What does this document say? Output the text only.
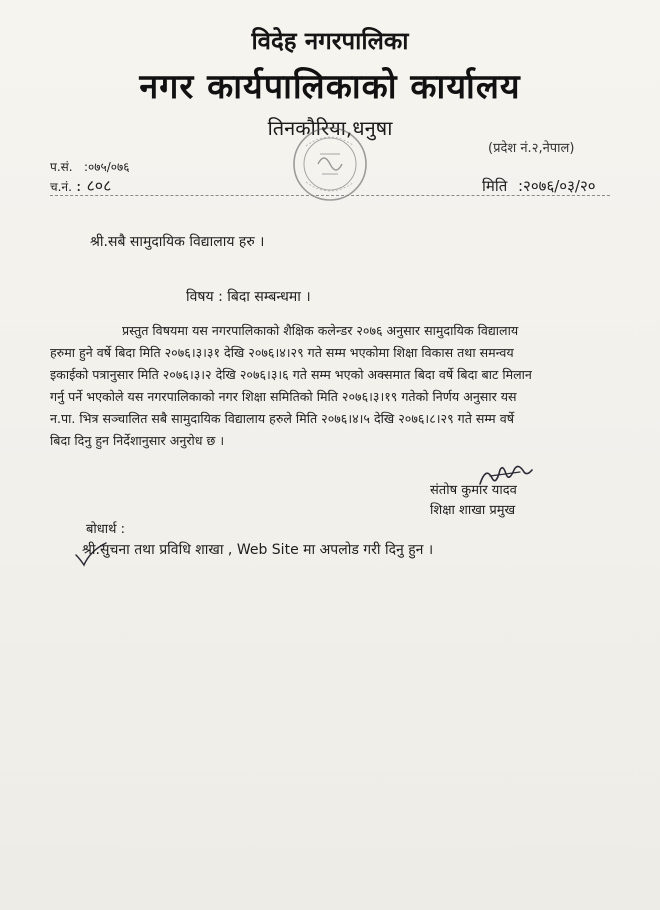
विदेह नगरपालिका
नगर कार्यपालिकाको कार्यालय
तिनकौरिया,धनुषा
(प्रदेश नं.२,नेपाल)
प.सं. :०७५/०७६
च.नं. : ८०८	मिति :२०७६/०३/२०
श्री.सबै सामुदायिक विद्यालाय हरु ।
विषय : बिदा सम्बन्धमा ।
प्रस्तुत विषयमा यस नगरपालिकाको शैक्षिक कलेन्डर २०७६ अनुसार सामुदायिक विद्यालाय
हरुमा हुने वर्षे बिदा मिति २०७६।३।३१ देखि २०७६।४।२९ गते सम्म भएकोमा शिक्षा विकास तथा समन्वय
इकाईको पत्रानुसार मिति २०७६।३।२ देखि २०७६।३।६ गते सम्म भएको अक्समात बिदा वर्षे बिदा बाट मिलान
गर्नु पर्ने भएकोले यस नगरपालिकाको नगर शिक्षा समितिको मिति २०७६।३।१९ गतेको निर्णय अनुसार यस
न.पा. भित्र सञ्चालित सबै सामुदायिक विद्यालाय हरुले मिति २०७६।४।५ देखि २०७६।८।२९ गते सम्म वर्षे
बिदा दिनु हुन निर्देशानुसार अनुरोध छ ।
संतोष कुमार यादव
शिक्षा शाखा प्रमुख
बोधार्थ :
श्री.सुचना तथा प्रविधि शाखा , Web Site मा अपलोड गरी दिनु हुन ।
